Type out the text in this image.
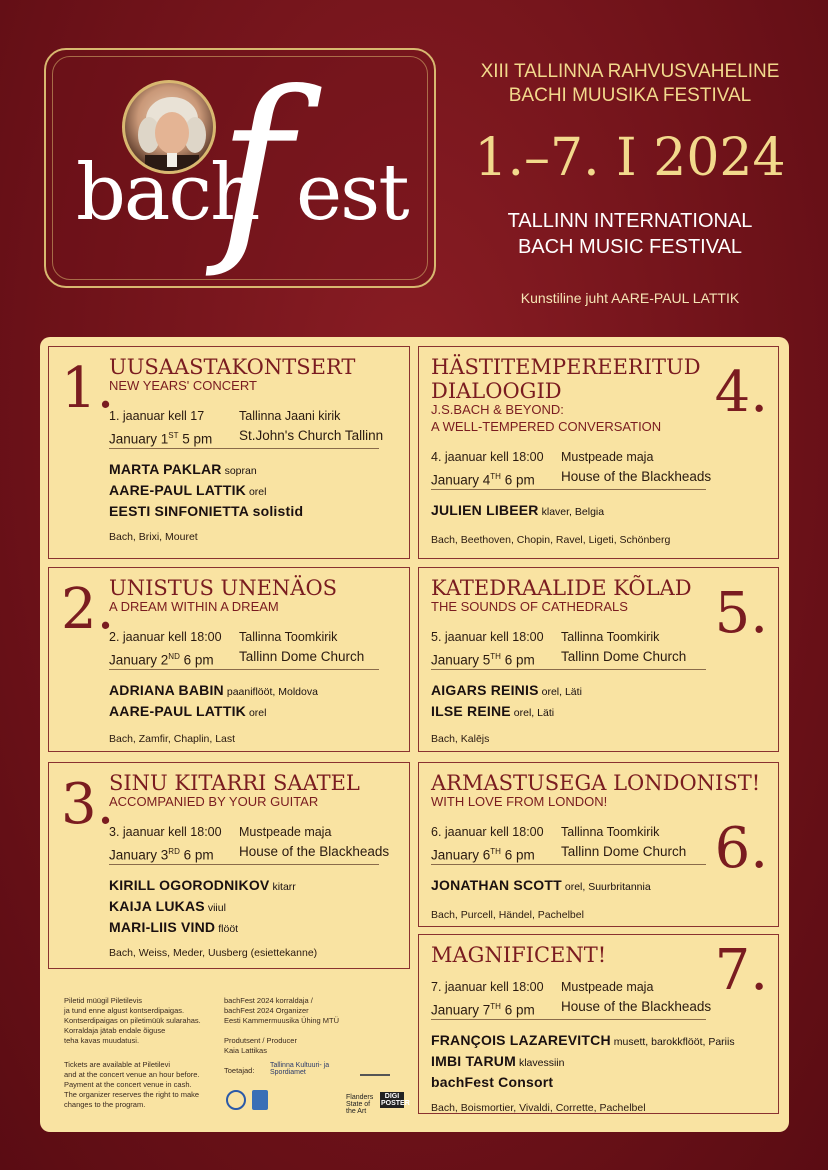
bach
f est
XIII TALLINNA RAHVUSVAHELINE
BACHI MUUSIKA FESTIVAL
1.–7. I 2024
TALLINN INTERNATIONAL
BACH MUSIC FESTIVAL
Kunstiline juht AARE-PAUL LATTIK
1.
UUSAASTAKONTSERT
NEW YEARS' CONCERT
1. jaanuar kell 17	Tallinna Jaani kirik
January 1ST 5 pm	St.John's Church Tallinn
MARTA PAKLAR sopran
AARE-PAUL LATTIK orel
EESTI SINFONIETTA solistid
Bach, Brixi, Mouret
2.
UNISTUS UNENÄOS
A DREAM WITHIN A DREAM
2. jaanuar kell 18:00	Tallinna Toomkirik
January 2ND 6 pm	Tallinn Dome Church
ADRIANA BABIN paaniflööt, Moldova
AARE-PAUL LATTIK orel
Bach, Zamfir, Chaplin, Last
3.
SINU KITARRI SAATEL
ACCOMPANIED BY YOUR GUITAR
3. jaanuar kell 18:00	Mustpeade maja
January 3RD 6 pm	House of the Blackheads
KIRILL OGORODNIKOV kitarr
KAIJA LUKAS viiul
MARI-LIIS VIND flööt
Bach, Weiss, Meder, Uusberg (esiettekanne)
4.
HÄSTITEMPEREERITUD
DIALOOGID
J.S.BACH & BEYOND:
A WELL-TEMPERED CONVERSATION
4. jaanuar kell 18:00	Mustpeade maja
January 4TH 6 pm	House of the Blackheads
JULIEN LIBEER klaver, Belgia
Bach, Beethoven, Chopin, Ravel, Ligeti, Schönberg
5.
KATEDRAALIDE KÕLAD
THE SOUNDS OF CATHEDRALS
5. jaanuar kell 18:00	Tallinna Toomkirik
January 5TH 6 pm	Tallinn Dome Church
AIGARS REINIS orel, Läti
ILSE REINE orel, Läti
Bach, Kalējs
6.
ARMASTUSEGA LONDONIST!
WITH LOVE FROM LONDON!
6. jaanuar kell 18:00	Tallinna Toomkirik
January 6TH 6 pm	Tallinn Dome Church
JONATHAN SCOTT orel, Suurbritannia
Bach, Purcell, Händel, Pachelbel
7.
MAGNIFICENT!
7. jaanuar kell 18:00	Mustpeade maja
January 7TH 6 pm	House of the Blackheads
FRANÇOIS LAZAREVITCH musett, barokkflööt, Pariis
IMBI TARUM klavessiin
bachFest Consort
Bach, Boismortier, Vivaldi, Corrette, Pachelbel
Piletid müügil Piletilevis
ja tund enne algust kontserdipaigas.
Kontserdipaigas on piletimüük sularahas.
Korraldaja jätab endale õiguse
teha kavas muudatusi.
Tickets are available at Piletilevi
and at the concert venue an hour before.
Payment at the concert venue in cash.
The organizer reserves the right to make
changes to the program.
bachFest 2024 korraldaja /
bachFest 2024 Organizer
Eesti Kammermuusika Ühing MTÜ
Produtsent / Producer
Kaia Lattikas
Toetajad:
Tallinna Kultuuri- ja Spordiamet
Flanders State of the Art
DIGI POSTER
